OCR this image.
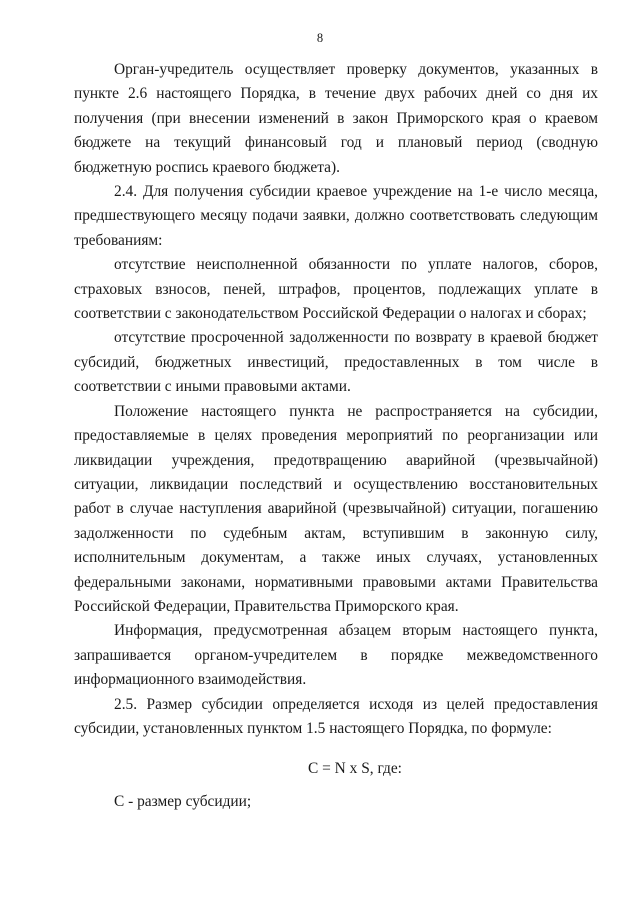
8

Орган-учредитель осуществляет проверку документов, указанных в пункте 2.6 настоящего Порядка, в течение двух рабочих дней со дня их получения (при внесении изменений в закон Приморского края о краевом бюджете на текущий финансовый год и плановый период (сводную бюджетную роспись краевого бюджета).

2.4. Для получения субсидии краевое учреждение на 1-е число месяца, предшествующего месяцу подачи заявки, должно соответствовать следующим требованиям:

отсутствие неисполненной обязанности по уплате налогов, сборов, страховых взносов, пеней, штрафов, процентов, подлежащих уплате в соответствии с законодательством Российской Федерации о налогах и сборах;

отсутствие просроченной задолженности по возврату в краевой бюджет субсидий, бюджетных инвестиций, предоставленных в том числе в соответствии с иными правовыми актами.

Положение настоящего пункта не распространяется на субсидии, предоставляемые в целях проведения мероприятий по реорганизации или ликвидации учреждения, предотвращению аварийной (чрезвычайной) ситуации, ликвидации последствий и осуществлению восстановительных работ в случае наступления аварийной (чрезвычайной) ситуации, погашению задолженности по судебным актам, вступившим в законную силу, исполнительным документам, а также иных случаях, установленных федеральными законами, нормативными правовыми актами Правительства Российской Федерации, Правительства Приморского края.

Информация, предусмотренная абзацем вторым настоящего пункта, запрашивается органом-учредителем в порядке межведомственного информационного взаимодействия.

2.5. Размер субсидии определяется исходя из целей предоставления субсидии, установленных пунктом 1.5 настоящего Порядка, по формуле:

C = N x S, где:

C - размер субсидии;
